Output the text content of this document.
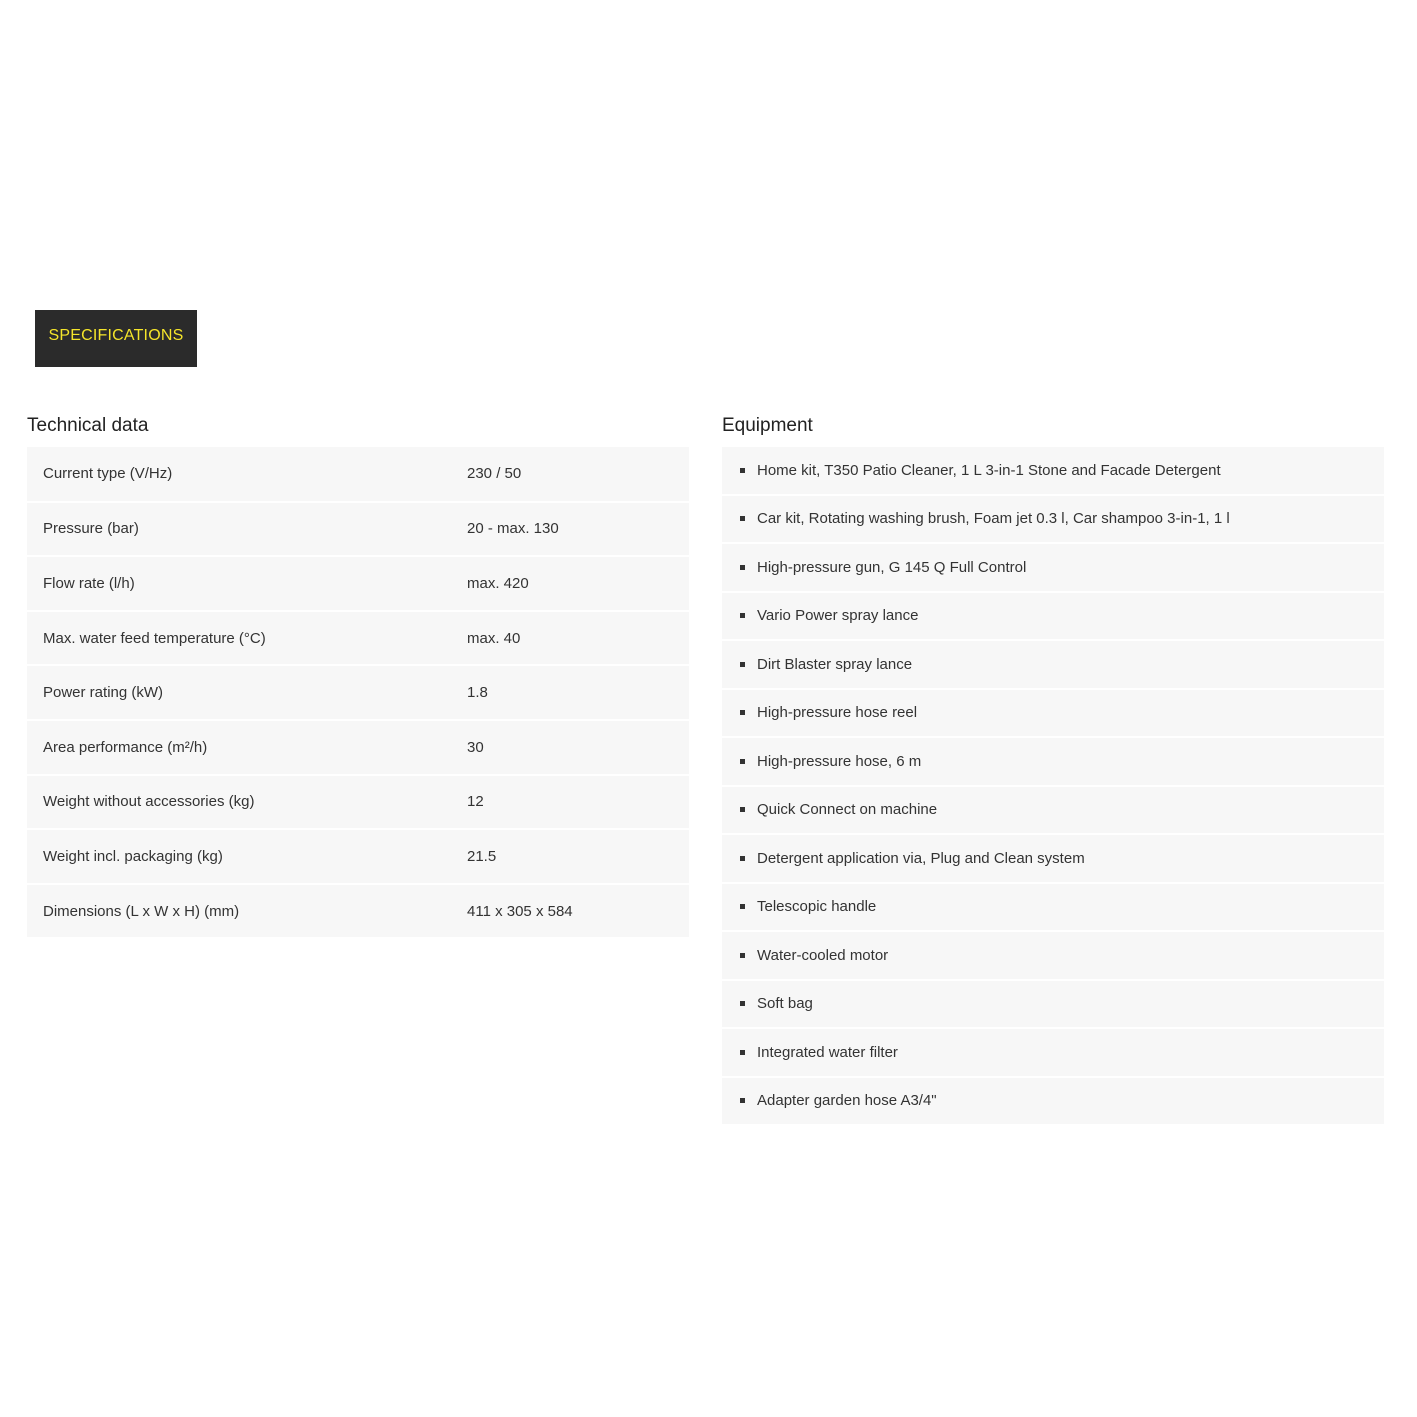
SPECIFICATIONS
Technical data
Current type (V/Hz)	230 / 50
Pressure (bar)	20 - max. 130
Flow rate (l/h)	max. 420
Max. water feed temperature (°C)	max. 40
Power rating (kW)	1.8
Area performance (m²/h)	30
Weight without accessories (kg)	12
Weight incl. packaging (kg)	21.5
Dimensions (L x W x H) (mm)	411 x 305 x 584
Equipment
Home kit, T350 Patio Cleaner, 1 L 3-in-1 Stone and Facade Detergent
Car kit, Rotating washing brush, Foam jet 0.3 l, Car shampoo 3-in-1, 1 l
High-pressure gun, G 145 Q Full Control
Vario Power spray lance
Dirt Blaster spray lance
High-pressure hose reel
High-pressure hose, 6 m
Quick Connect on machine
Detergent application via, Plug and Clean system
Telescopic handle
Water-cooled motor
Soft bag
Integrated water filter
Adapter garden hose A3/4"
